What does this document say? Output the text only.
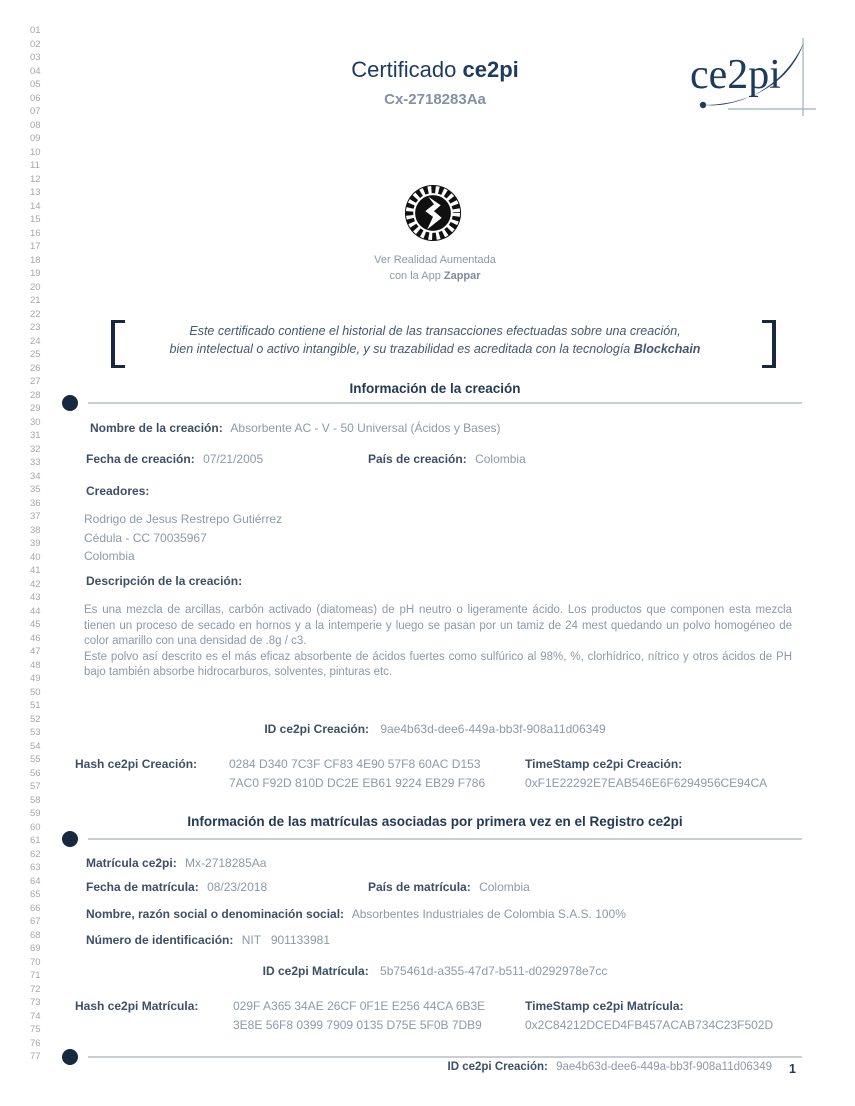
01
02
03
04
05
06
07
08
09
10
11
12
13
14
15
16
17
18
19
20
21
22
23
24
25
26
27
28
29
30
31
32
33
34
35
36
37
38
39
40
41
42
43
44
45
46
47
48
49
50
51
52
53
54
55
56
57
58
59
60
61
62
63
64
65
66
67
68
69
70
71
72
73
74
75
76
77
Certificado ce2pi
Cx-2718283Aa
ce2pi
Ver Realidad Aumentada
con la App Zappar
Este certificado contiene el historial de las transacciones efectuadas sobre una creación,
bien intelectual o activo intangible, y su trazabilidad es acreditada con la tecnología Blockchain
Información de la creación
Nombre de la creación: Absorbente AC - V - 50 Universal (Ácidos y Bases)
Fecha de creación: 07/21/2005	País de creación: Colombia
Creadores:
Rodrigo de Jesus Restrepo Gutiérrez
Cédula - CC 70035967
Colombia
Descripción de la creación:
Es una mezcla de arcillas, carbón activado (diatomeas) de pH neutro o ligeramente ácido. Los productos que componen esta mezcla tienen un proceso de secado en hornos y a la intemperie y luego se pasan por un tamiz de 24 mest quedando un polvo homogéneo de color amarillo con una densidad de .8g / c3.
Este polvo así descrito es el más eficaz absorbente de ácidos fuertes como sulfúrico al 98%, %, clorhídrico, nítrico y otros ácidos de PH bajo también absorbe hidrocarburos, solventes, pinturas etc.
ID ce2pi Creación: 9ae4b63d-dee6-449a-bb3f-908a11d06349
Hash ce2pi Creación:	0284 D340 7C3F CF83 4E90 57F8 60AC D153
7AC0 F92D 810D DC2E EB61 9224 EB29 F786
TimeStamp ce2pi Creación:
0xF1E22292E7EAB546E6F6294956CE94CA
Información de las matrículas asociadas por primera vez en el Registro ce2pi
Matrícula ce2pi: Mx-2718285Aa
Fecha de matrícula: 08/23/2018	País de matrícula: Colombia
Nombre, razón social o denominación social: Absorbentes Industriales de Colombia S.A.S. 100%
Número de identificación: NIT   901133981
ID ce2pi Matrícula: 5b75461d-a355-47d7-b511-d0292978e7cc
Hash ce2pi Matrícula:	029F A365 34AE 26CF 0F1E E256 44CA 6B3E
3E8E 56F8 0399 7909 0135 D75E 5F0B 7DB9
TimeStamp ce2pi Matrícula:
0x2C84212DCED4FB457ACAB734C23F502D
ID ce2pi Creación: 9ae4b63d-dee6-449a-bb3f-908a11d06349 1
